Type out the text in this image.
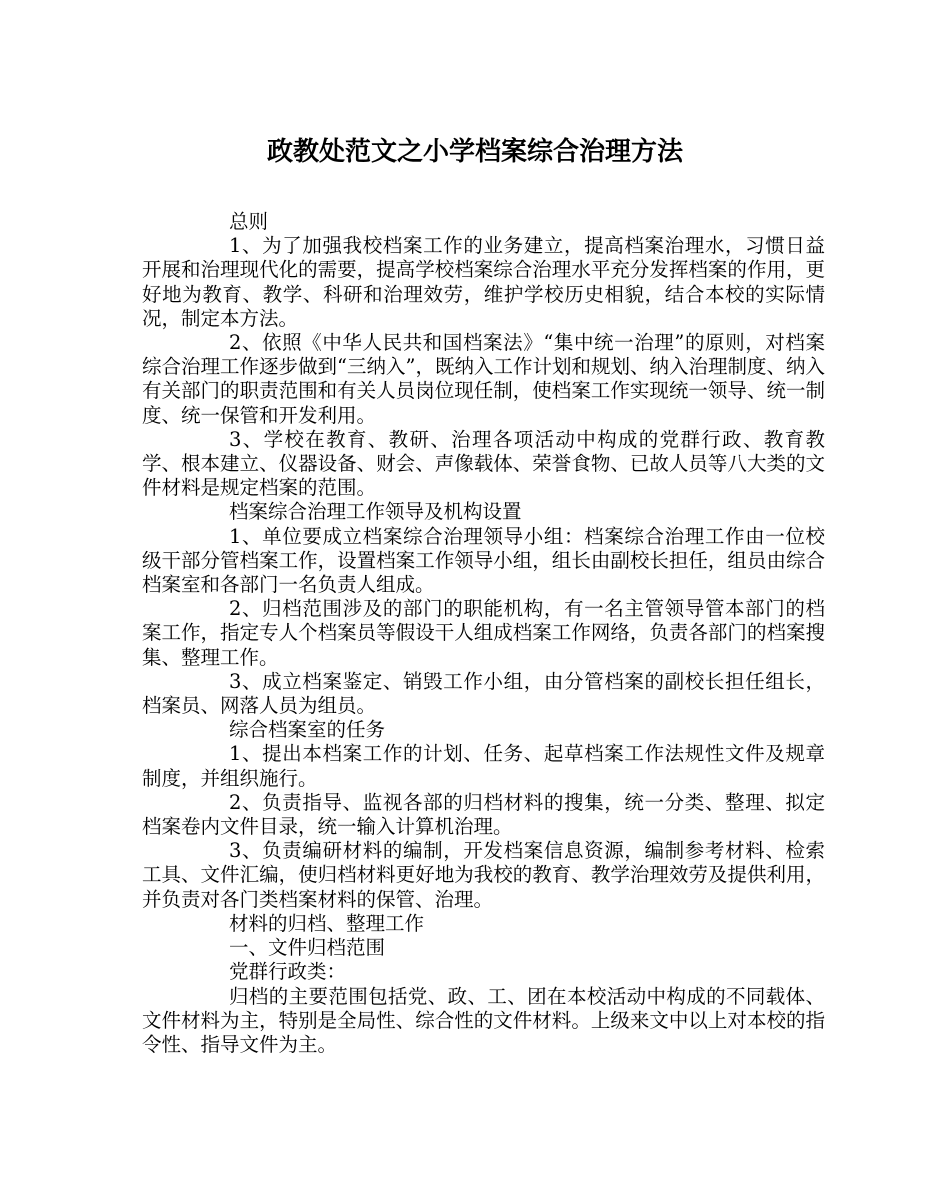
政教处范文之小学档案综合治理方法

总则

1、为了加强我校档案工作的业务建立，提高档案治理水，习惯日益开展和治理现代化的需要，提高学校档案综合治理水平充分发挥档案的作用，更好地为教育、教学、科研和治理效劳，维护学校历史相貌，结合本校的实际情况，制定本方法。

2、依照《中华人民共和国档案法》“集中统一治理”的原则，对档案综合治理工作逐步做到“三纳入”，既纳入工作计划和规划、纳入治理制度、纳入有关部门的职责范围和有关人员岗位现任制，使档案工作实现统一领导、统一制度、统一保管和开发利用。

3、学校在教育、教研、治理各项活动中构成的党群行政、教育教学、根本建立、仪器设备、财会、声像载体、荣誉食物、已故人员等八大类的文件材料是规定档案的范围。

档案综合治理工作领导及机构设置

1、单位要成立档案综合治理领导小组：档案综合治理工作由一位校级干部分管档案工作，设置档案工作领导小组，组长由副校长担任，组员由综合档案室和各部门一名负责人组成。

2、归档范围涉及的部门的职能机构，有一名主管领导管本部门的档案工作，指定专人个档案员等假设干人组成档案工作网络，负责各部门的档案搜集、整理工作。

3、成立档案鉴定、销毁工作小组，由分管档案的副校长担任组长，档案员、网落人员为组员。

综合档案室的任务

1、提出本档案工作的计划、任务、起草档案工作法规性文件及规章制度，并组织施行。

2、负责指导、监视各部的归档材料的搜集，统一分类、整理、拟定档案卷内文件目录，统一输入计算机治理。

3、负责编研材料的编制，开发档案信息资源，编制参考材料、检索工具、文件汇编，使归档材料更好地为我校的教育、教学治理效劳及提供利用，并负责对各门类档案材料的保管、治理。

材料的归档、整理工作

一、文件归档范围

党群行政类：

归档的主要范围包括党、政、工、团在本校活动中构成的不同载体、文件材料为主，特别是全局性、综合性的文件材料。上级来文中以上对本校的指令性、指导文件为主。
